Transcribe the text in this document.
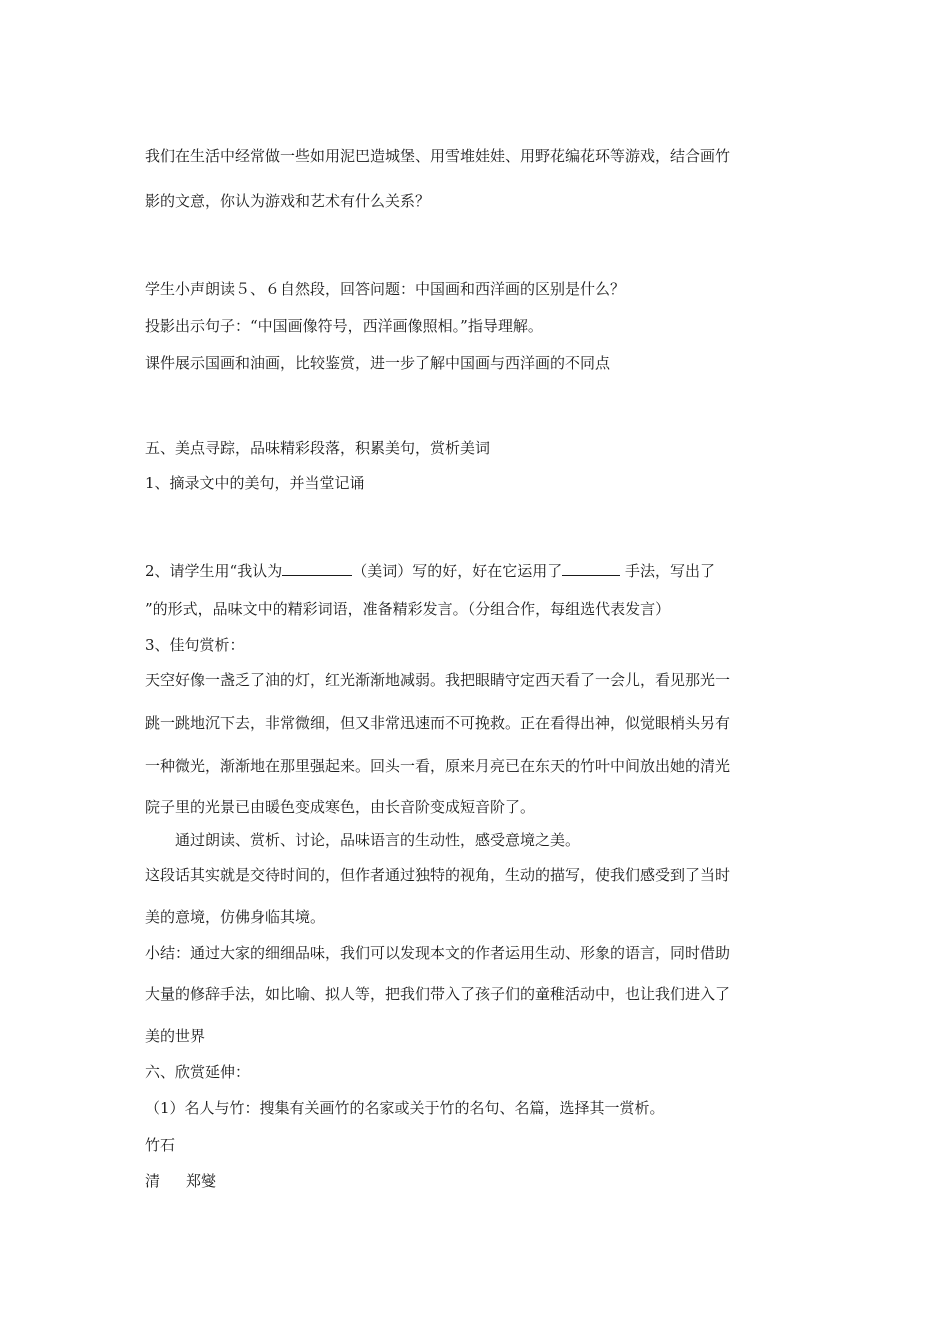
我们在生活中经常做一些如用泥巴造城堡、用雪堆娃娃、用野花编花环等游戏，结合画竹
影的文意，你认为游戏和艺术有什么关系？
学生小声朗读５、６自然段，回答问题：中国画和西洋画的区别是什么？
投影出示句子：“中国画像符号，西洋画像照相。”指导理解。
课件展示国画和油画，比较鉴赏，进一步了解中国画与西洋画的不同点
五、美点寻踪，品味精彩段落，积累美句，赏析美词
1、摘录文中的美句，并当堂记诵
2、请学生用“我认为	（美词）写的好，好在它运用了	手法，写出了
”的形式，品味文中的精彩词语，准备精彩发言。（分组合作，每组选代表发言）
3、佳句赏析：
天空好像一盏乏了油的灯，红光渐渐地减弱。我把眼睛守定西天看了一会儿，看见那光一
跳一跳地沉下去，非常微细，但又非常迅速而不可挽救。正在看得出神，似觉眼梢头另有
一种微光，渐渐地在那里强起来。回头一看，原来月亮已在东天的竹叶中间放出她的清光
院子里的光景已由暖色变成寒色，由长音阶变成短音阶了。
通过朗读、赏析、讨论，品味语言的生动性，感受意境之美。
这段话其实就是交待时间的，但作者通过独特的视角，生动的描写，使我们感受到了当时
美的意境，仿佛身临其境。
小结：通过大家的细细品味，我们可以发现本文的作者运用生动、形象的语言，同时借助
大量的修辞手法，如比喻、拟人等，把我们带入了孩子们的童稚活动中，也让我们进入了
美的世界
六、欣赏延伸：
（1）名人与竹：搜集有关画竹的名家或关于竹的名句、名篇，选择其一赏析。
竹石
清 郑燮
